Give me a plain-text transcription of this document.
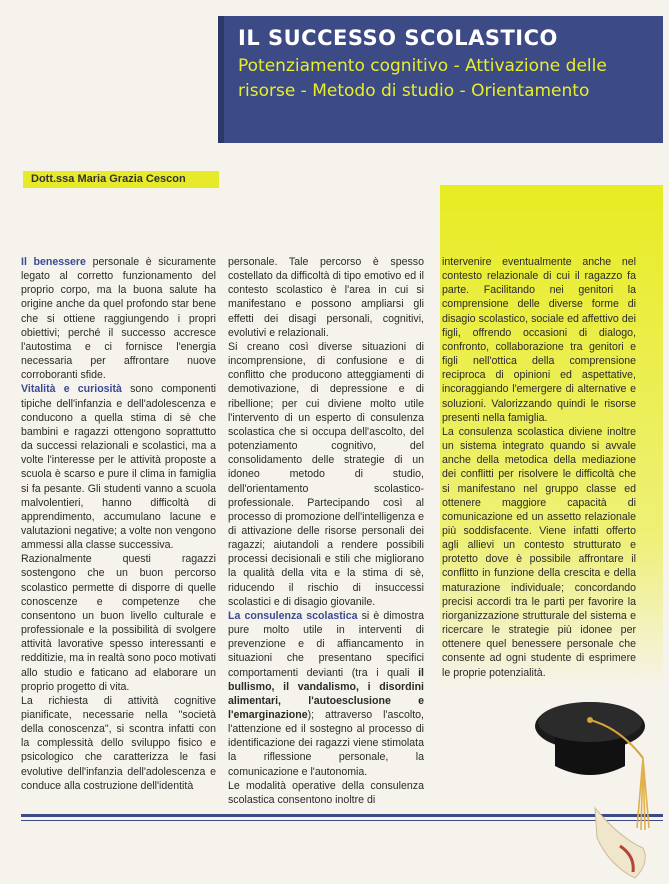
IL SUCCESSO SCOLASTICO
Potenziamento cognitivo - Attivazione delle
risorse - Metodo di studio - Orientamento
Dott.ssa Maria Grazia Cescon

Il benessere personale è sicuramente legato al corretto funzionamento del proprio corpo, ma la buona salute ha origine anche da quel profondo star bene che si ottiene raggiungendo i propri obiettivi; perché il successo accresce l'autostima e ci fornisce l'energia necessaria per affrontare nuove corroboranti sfide.

Vitalità e curiosità sono componenti tipiche dell'infanzia e dell'adolescenza e conducono a quella stima di sè che bambini e ragazzi ottengono soprattutto da successi relazionali e scolastici, ma a volte l'interesse per le attività proposte a scuola è scarso e pure il clima in famiglia si fa pesante. Gli studenti vanno a scuola malvolentieri, hanno difficoltà di apprendimento, accumulano lacune e valutazioni negative; a volte non vengono ammessi alla classe successiva.

Razionalmente questi ragazzi sostengono che un buon percorso scolastico permette di disporre di quelle conoscenze e competenze che consentono un buon livello culturale e professionale e la possibilità di svolgere attività lavorative spesso interessanti e redditizie, ma in realtà sono poco motivati allo studio e faticano ad elaborare un proprio progetto di vita.

La richiesta di attività cognitive pianificate, necessarie nella "società della conoscenza", si scontra infatti con la complessità dello sviluppo fisico e psicologico che caratterizza le fasi evolutive dell'infanzia dell'adolescenza e conduce alla costruzione dell'identità

personale. Tale percorso è spesso costellato da difficoltà di tipo emotivo ed il contesto scolastico è l'area in cui si manifestano e possono ampliarsi gli effetti dei disagi personali, cognitivi, evolutivi e relazionali.

Si creano così diverse situazioni di incomprensione, di confusione e di conflitto che producono atteggiamenti di demotivazione, di depressione e di ribellione; per cui diviene molto utile l'intervento di un esperto di consulenza scolastica che si occupa dell'ascolto, del potenziamento cognitivo, del consolidamento delle strategie di un idoneo metodo di studio, dell'orientamento scolastico-professionale. Partecipando così al processo di promozione dell'intelligenza e di attivazione delle risorse personali dei ragazzi; aiutandoli a rendere possibili processi decisionali e stili che migliorano la qualità della vita e la stima di sè, riducendo il rischio di insuccessi scolastici e di disagio giovanile.

La consulenza scolastica si è dimostra pure molto utile in interventi di prevenzione e di affiancamento in situazioni che presentano specifici comportamenti devianti (tra i quali il bullismo, il vandalismo, i disordini alimentari, l'autoesclusione e l'emarginazione); attraverso l'ascolto, l'attenzione ed il sostegno al processo di identificazione dei ragazzi viene stimolata la riflessione personale, la comunicazione e l'autonomia.

Le modalità operative della consulenza scolastica consentono inoltre di

intervenire eventualmente anche nel contesto relazionale di cui il ragazzo fa parte. Facilitando nei genitori la comprensione delle diverse forme di disagio scolastico, sociale ed affettivo dei figli, offrendo occasioni di dialogo, confronto, collaborazione tra genitori e figli nell'ottica della comprensione reciproca di opinioni ed aspettative, incoraggiando l'emergere di alternative e soluzioni. Valorizzando quindi le risorse presenti nella famiglia.

La consulenza scolastica diviene inoltre un sistema integrato quando si avvale anche della metodica della mediazione dei conflitti per risolvere le difficoltà che si manifestano nel gruppo classe ed ottenere maggiore capacità di comunicazione ed un assetto relazionale più soddisfacente. Viene infatti offerto agli allievi un contesto strutturato e protetto dove è possibile affrontare il conflitto in funzione della crescita e della maturazione individuale; concordando precisi accordi tra le parti per favorire la riorganizzazione strutturale del sistema e ricercare le strategie più idonee per ottenere quel benessere personale che consente ad ogni studente di esprimere le proprie potenzialità.
